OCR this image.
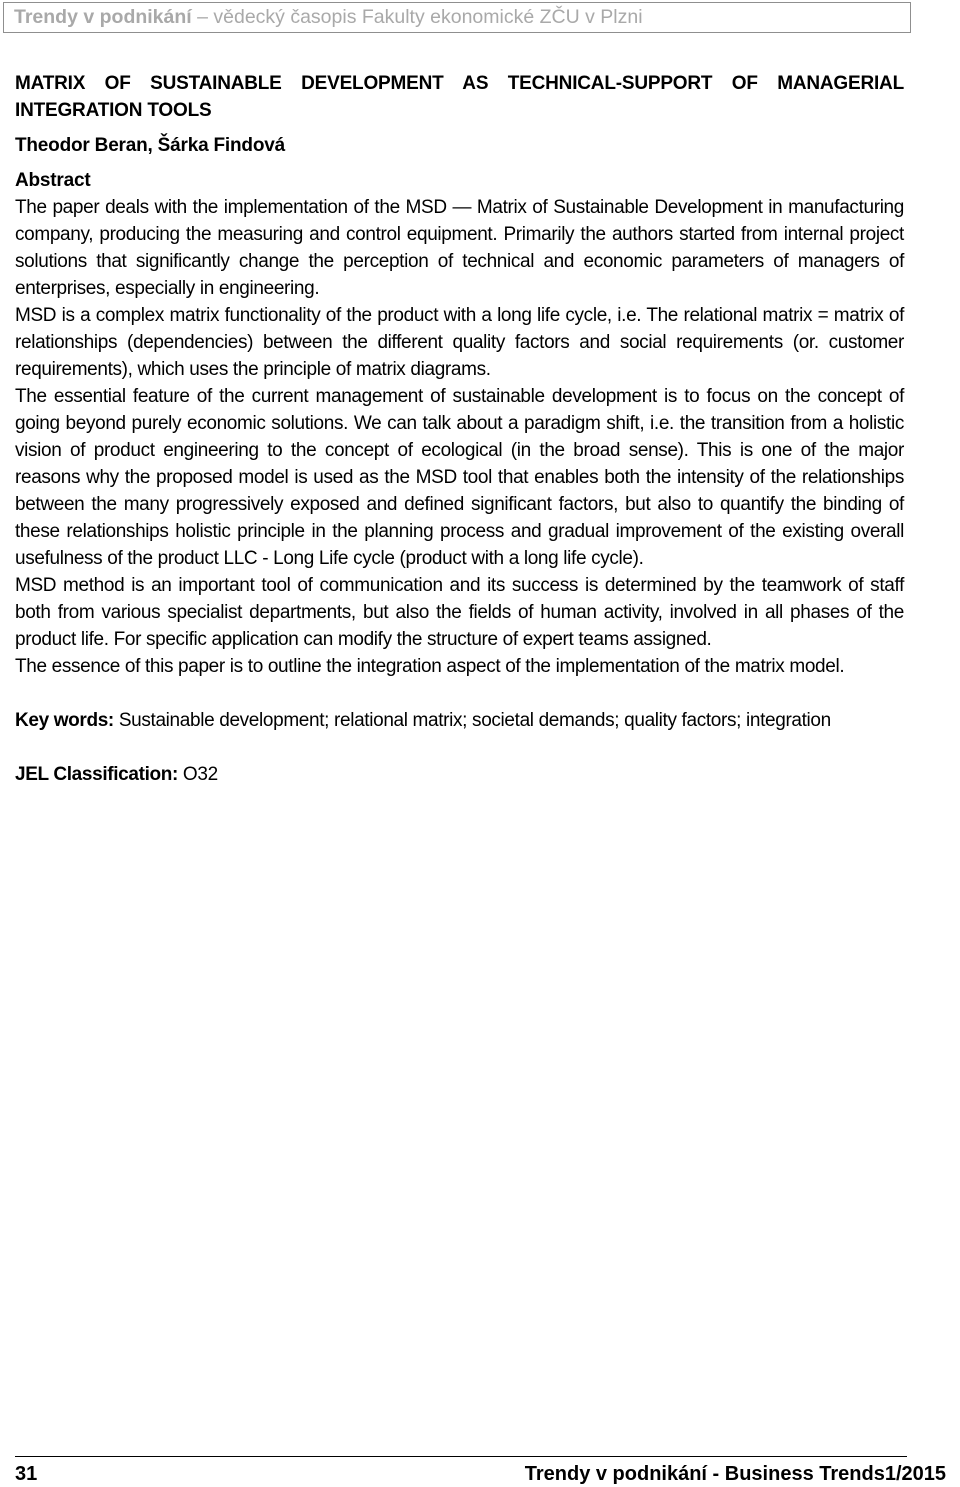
Trendy v podnikání – vědecký časopis Fakulty ekonomické ZČU v Plzni
MATRIX OF SUSTAINABLE DEVELOPMENT AS TECHNICAL-SUPPORT OF MANAGERIAL INTEGRATION TOOLS
Theodor Beran, Šárka Findová
Abstract

The paper deals with the implementation of the MSD — Matrix of Sustainable Development in manufacturing company, producing the measuring and control equipment. Primarily the authors started from internal project solutions that significantly change the perception of technical and economic parameters of managers of enterprises, especially in engineering.

MSD is a complex matrix functionality of the product with a long life cycle, i.e. The relational matrix = matrix of relationships (dependencies) between the different quality factors and social requirements (or. customer requirements), which uses the principle of matrix diagrams.

The essential feature of the current management of sustainable development is to focus on the concept of going beyond purely economic solutions. We can talk about a paradigm shift, i.e. the transition from a holistic vision of product engineering to the concept of ecological (in the broad sense). This is one of the major reasons why the proposed model is used as the MSD tool that enables both the intensity of the relationships between the many progressively exposed and defined significant factors, but also to quantify the binding of these relationships holistic principle in the planning process and gradual improvement of the existing overall usefulness of the product LLC - Long Life cycle (product with a long life cycle).

MSD method is an important tool of communication and its success is determined by the teamwork of staff both from various specialist departments, but also the fields of human activity, involved in all phases of the product life. For specific application can modify the structure of expert teams assigned.

The essence of this paper is to outline the integration aspect of the implementation of the matrix model.

Key words: Sustainable development; relational matrix; societal demands; quality factors; integration

JEL Classification: O32

31	Trendy v podnikání - Business Trends1/2015
